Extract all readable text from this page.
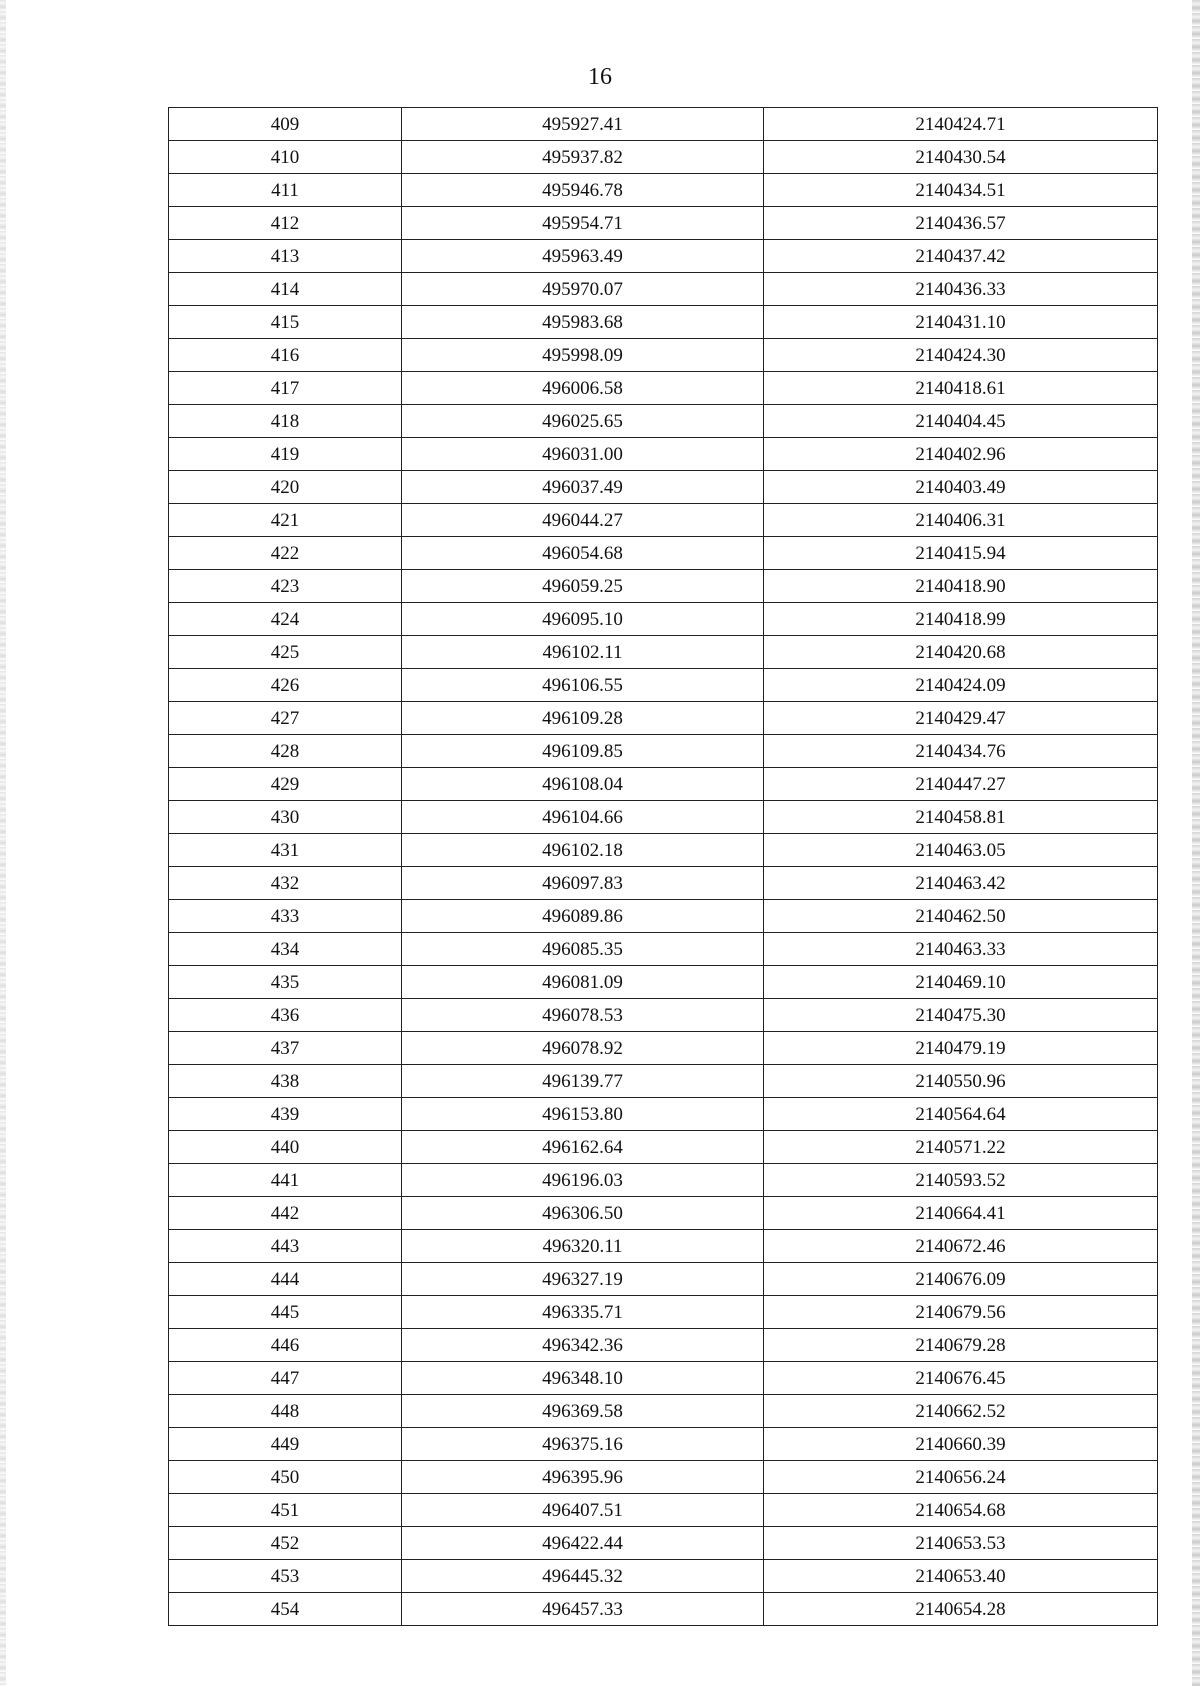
16
409	495927.41	2140424.71
410	495937.82	2140430.54
411	495946.78	2140434.51
412	495954.71	2140436.57
413	495963.49	2140437.42
414	495970.07	2140436.33
415	495983.68	2140431.10
416	495998.09	2140424.30
417	496006.58	2140418.61
418	496025.65	2140404.45
419	496031.00	2140402.96
420	496037.49	2140403.49
421	496044.27	2140406.31
422	496054.68	2140415.94
423	496059.25	2140418.90
424	496095.10	2140418.99
425	496102.11	2140420.68
426	496106.55	2140424.09
427	496109.28	2140429.47
428	496109.85	2140434.76
429	496108.04	2140447.27
430	496104.66	2140458.81
431	496102.18	2140463.05
432	496097.83	2140463.42
433	496089.86	2140462.50
434	496085.35	2140463.33
435	496081.09	2140469.10
436	496078.53	2140475.30
437	496078.92	2140479.19
438	496139.77	2140550.96
439	496153.80	2140564.64
440	496162.64	2140571.22
441	496196.03	2140593.52
442	496306.50	2140664.41
443	496320.11	2140672.46
444	496327.19	2140676.09
445	496335.71	2140679.56
446	496342.36	2140679.28
447	496348.10	2140676.45
448	496369.58	2140662.52
449	496375.16	2140660.39
450	496395.96	2140656.24
451	496407.51	2140654.68
452	496422.44	2140653.53
453	496445.32	2140653.40
454	496457.33	2140654.28
